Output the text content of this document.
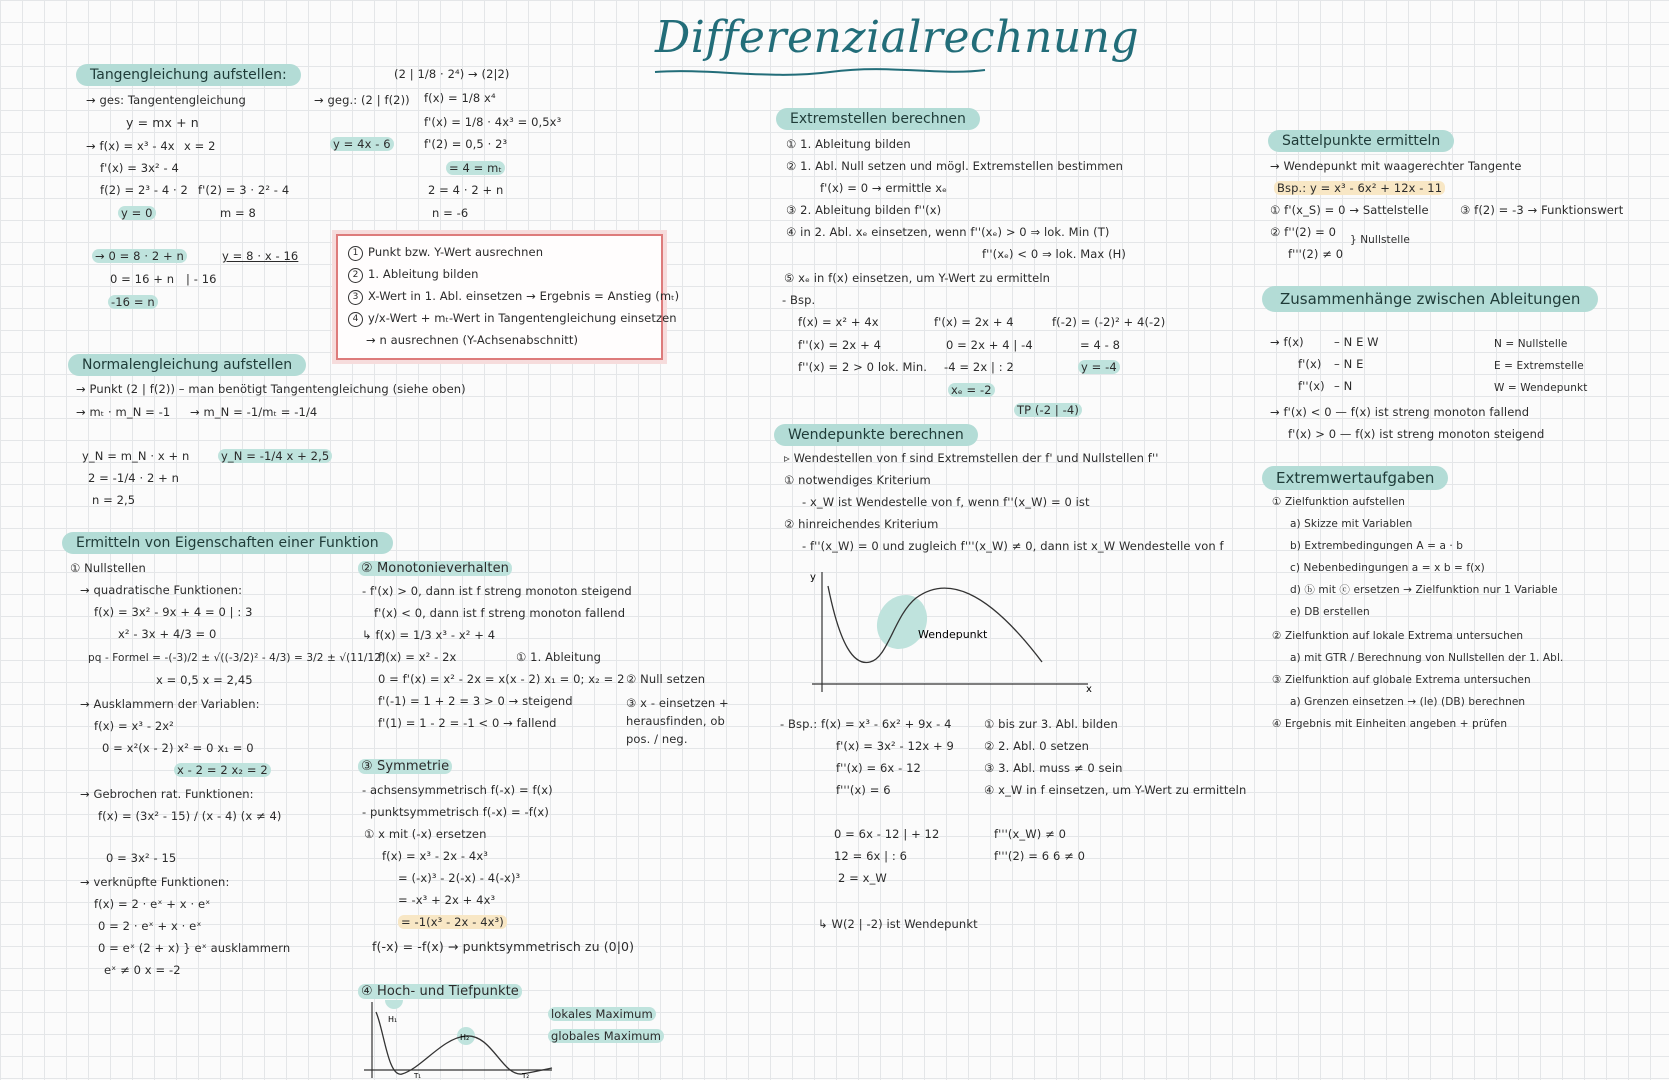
Differenzialrechnung
Tangengleichung aufstellen:
→ ges: Tangentengleichung
y = mx + n
→ f(x) = x³ - 4x x = 2
f'(x) = 3x² - 4
f(2) = 2³ - 4 · 2 f'(2) = 3 · 2² - 4
y = 0	m = 8
→ 0 = 8 · 2 + n	y = 8 · x - 16
0 = 16 + n | - 16
-16 = n
(2 | 1/8 · 2⁴) → (2|2)
→ geg.: (2 | f(2)) f(x) = 1/8 x⁴
f'(x) = 1/8 · 4x³ = 0,5x³
y = 4x - 6	f'(2) = 0,5 · 2³
= 4 = mₜ
2 = 4 · 2 + n
n = -6
1 Punkt bzw. Y-Wert ausrechnen
2 1. Ableitung bilden
3 X-Wert in 1. Abl. einsetzen → Ergebnis = Anstieg (mₜ)
4 y/x-Wert + mₜ-Wert in Tangentengleichung einsetzen
→ n ausrechnen (Y-Achsenabschnitt)
Normalengleichung aufstellen
→ Punkt (2 | f(2)) – man benötigt Tangentengleichung (siehe oben)
→ mₜ · m_N = -1 → m_N = -1/mₜ = -1/4
y_N = m_N · x + n	y_N = -1/4 x + 2,5
2 = -1/4 · 2 + n
n = 2,5
Ermitteln von Eigenschaften einer Funktion
① Nullstellen
→ quadratische Funktionen:
f(x) = 3x² - 9x + 4 = 0 | : 3
x² - 3x + 4/3 = 0
pq - Formel = -(-3)/2 ± √((-3/2)² - 4/3) = 3/2 ± √(11/12)
x = 0,5 x = 2,45
→ Ausklammern der Variablen:
f(x) = x³ - 2x²
0 = x²(x - 2) x² = 0 x₁ = 0
x - 2 = 2 x₂ = 2
→ Gebrochen rat. Funktionen:
f(x) = (3x² - 15) / (x - 4) (x ≠ 4)
0 = 3x² - 15
→ verknüpfte Funktionen:
f(x) = 2 · eˣ + x · eˣ
0 = 2 · eˣ + x · eˣ
0 = eˣ (2 + x) } eˣ ausklammern
eˣ ≠ 0 x = -2
② Monotonieverhalten
- f'(x) > 0, dann ist f streng monoton steigend
f'(x) < 0, dann ist f streng monoton fallend
↳ f(x) = 1/3 x³ - x² + 4
f'(x) = x² - 2x	① 1. Ableitung
0 = f'(x) = x² - 2x = x(x - 2) x₁ = 0; x₂ = 2 ② Null setzen
f'(-1) = 1 + 2 = 3 > 0 → steigend	③ x - einsetzen + herausfinden, ob pos. / neg.
f'(1) = 1 - 2 = -1 < 0 → fallend
③ Symmetrie
- achsensymmetrisch f(-x) = f(x)
- punktsymmetrisch f(-x) = -f(x)
① x mit (-x) ersetzen
f(x) = x³ - 2x - 4x³
= (-x)³ - 2(-x) - 4(-x)³
= -x³ + 2x + 4x³
= -1(x³ - 2x - 4x³)
f(-x) = -f(x) → punktsymmetrisch zu (0|0)
④ Hoch- und Tiefpunkte
H₁
H₂
T₁	T₂
lokales Maximum
globales Maximum
Extremstellen berechnen
① 1. Ableitung bilden
② 1. Abl. Null setzen und mögl. Extremstellen bestimmen
f'(x) = 0 → ermittle xₑ
③ 2. Ableitung bilden f''(x)
④ in 2. Abl. xₑ einsetzen, wenn f''(xₑ) > 0 ⇒ lok. Min (T)
f''(xₑ) < 0 ⇒ lok. Max (H)
⑤ xₑ in f(x) einsetzen, um Y-Wert zu ermitteln
- Bsp.
f(x) = x² + 4x	f'(x) = 2x + 4	f(-2) = (-2)² + 4(-2)
f''(x) = 2x + 4	0 = 2x + 4 | -4	= 4 - 8
f''(x) = 2 > 0 lok. Min. -4 = 2x | : 2	y = -4
xₑ = -2
TP (-2 | -4)
Wendepunkte berechnen
▹ Wendestellen von f sind Extremstellen der f' und Nullstellen f''
① notwendiges Kriterium
- x_W ist Wendestelle von f, wenn f''(x_W) = 0 ist
② hinreichendes Kriterium
- f''(x_W) = 0 und zugleich f'''(x_W) ≠ 0, dann ist x_W Wendestelle von f
y
x
Wendepunkt
- Bsp.: f(x) = x³ - 6x² + 9x - 4
f'(x) = 3x² - 12x + 9
f''(x) = 6x - 12
f'''(x) = 6
① bis zur 3. Abl. bilden
② 2. Abl. 0 setzen
③ 3. Abl. muss ≠ 0 sein
④ x_W in f einsetzen, um Y-Wert zu ermitteln
0 = 6x - 12 | + 12
12 = 6x | : 6
2 = x_W
f'''(x_W) ≠ 0
f'''(2) = 6 6 ≠ 0
↳ W(2 | -2) ist Wendepunkt
Sattelpunkte ermitteln
→ Wendepunkt mit waagerechter Tangente
Bsp.: y = x³ - 6x² + 12x - 11
① f'(x_S) = 0 → Sattelstelle	③ f(2) = -3 → Funktionswert
② f''(2) = 0
f'''(2) ≠ 0
} Nullstelle
Zusammenhänge zwischen Ableitungen
→ f(x)	– N E W	N = Nullstelle
f'(x) – N E	E = Extremstelle
f''(x) – N	W = Wendepunkt
→ f'(x) < 0 — f(x) ist streng monoton fallend
f'(x) > 0 — f(x) ist streng monoton steigend
Extremwertaufgaben
① Zielfunktion aufstellen
a) Skizze mit Variablen
b) Extrembedingungen A = a · b
c) Nebenbedingungen a = x b = f(x)
d) ⓑ mit ⓒ ersetzen → Zielfunktion nur 1 Variable
e) DB erstellen
② Zielfunktion auf lokale Extrema untersuchen
a) mit GTR / Berechnung von Nullstellen der 1. Abl.
③ Zielfunktion auf globale Extrema untersuchen
a) Grenzen einsetzen → (le) (DB) berechnen
④ Ergebnis mit Einheiten angeben + prüfen
